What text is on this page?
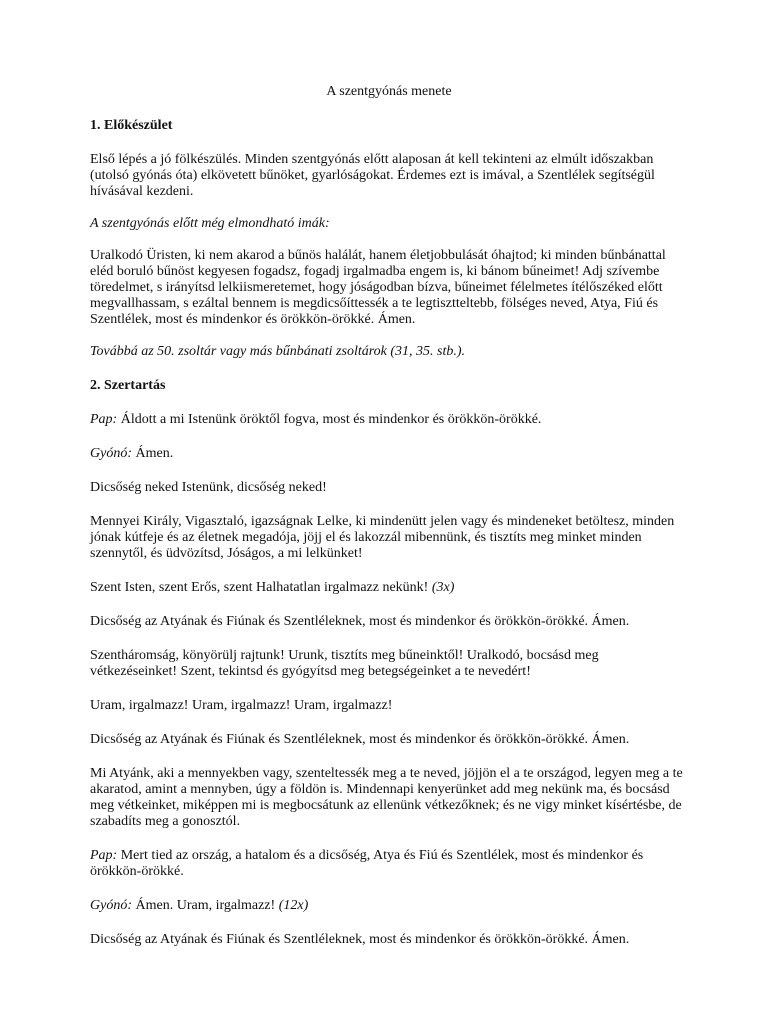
A szentgyónás menete
1. Előkészület

Első lépés a jó fölkészülés. Minden szentgyónás előtt alaposan át kell tekinteni az elmúlt időszakban (utolsó gyónás óta) elkövetett bűnöket, gyarlóságokat. Érdemes ezt is imával, a Szentlélek segítségül hívásával kezdeni.

A szentgyónás előtt még elmondható imák:

Uralkodó Üristen, ki nem akarod a bűnös halálát, hanem életjobbulását óhajtod; ki minden bűnbánattal eléd boruló bűnöst kegyesen fogadsz, fogadj irgalmadba engem is, ki bánom bűneimet! Adj szívembe töredelmet, s irányítsd lelkiismeretemet, hogy jóságodban bízva, bűneimet félelmetes ítélőszéked előtt megvallhassam, s ezáltal bennem is megdicsőíttessék a te legtisztteltebb, fölséges neved, Atya, Fiú és Szentlélek, most és mindenkor és örökkön-örökké. Ámen.

Továbbá az 50. zsoltár vagy más bűnbánati zsoltárok (31, 35. stb.).

2. Szertartás

Pap: Áldott a mi Istenünk öröktől fogva, most és mindenkor és örökkön-örökké.

Gyónó: Ámen.

Dicsőség neked Istenünk, dicsőség neked!

Mennyei Király, Vigasztaló, igazságnak Lelke, ki mindenütt jelen vagy és mindeneket betöltesz, minden jónak kútfeje és az életnek megadója, jöjj el és lakozzál mibennünk, és tisztíts meg minket minden szennytől, és üdvözítsd, Jóságos, a mi lelkünket!

Szent Isten, szent Erős, szent Halhatatlan irgalmazz nekünk! (3x)

Dicsőség az Atyának és Fiúnak és Szentléleknek, most és mindenkor és örökkön-örökké. Ámen.

Szentháromság, könyörülj rajtunk! Urunk, tisztíts meg bűneinktől! Uralkodó, bocsásd meg vétkezéseinket! Szent, tekintsd és gyógyítsd meg betegségeinket a te nevedért!

Uram, irgalmazz! Uram, irgalmazz! Uram, irgalmazz!

Dicsőség az Atyának és Fiúnak és Szentléleknek, most és mindenkor és örökkön-örökké. Ámen.

Mi Atyánk, aki a mennyekben vagy, szenteltessék meg a te neved, jöjjön el a te országod, legyen meg a te akaratod, amint a mennyben, úgy a földön is. Mindennapi kenyerünket add meg nekünk ma, és bocsásd meg vétkeinket, miképpen mi is megbocsátunk az ellenünk vétkezőknek; és ne vigy minket kísértésbe, de szabadíts meg a gonosztól.

Pap: Mert tied az ország, a hatalom és a dicsőség, Atya és Fiú és Szentlélek, most és mindenkor és örökkön-örökké.

Gyónó: Ámen. Uram, irgalmazz! (12x)

Dicsőség az Atyának és Fiúnak és Szentléleknek, most és mindenkor és örökkön-örökké. Ámen.
